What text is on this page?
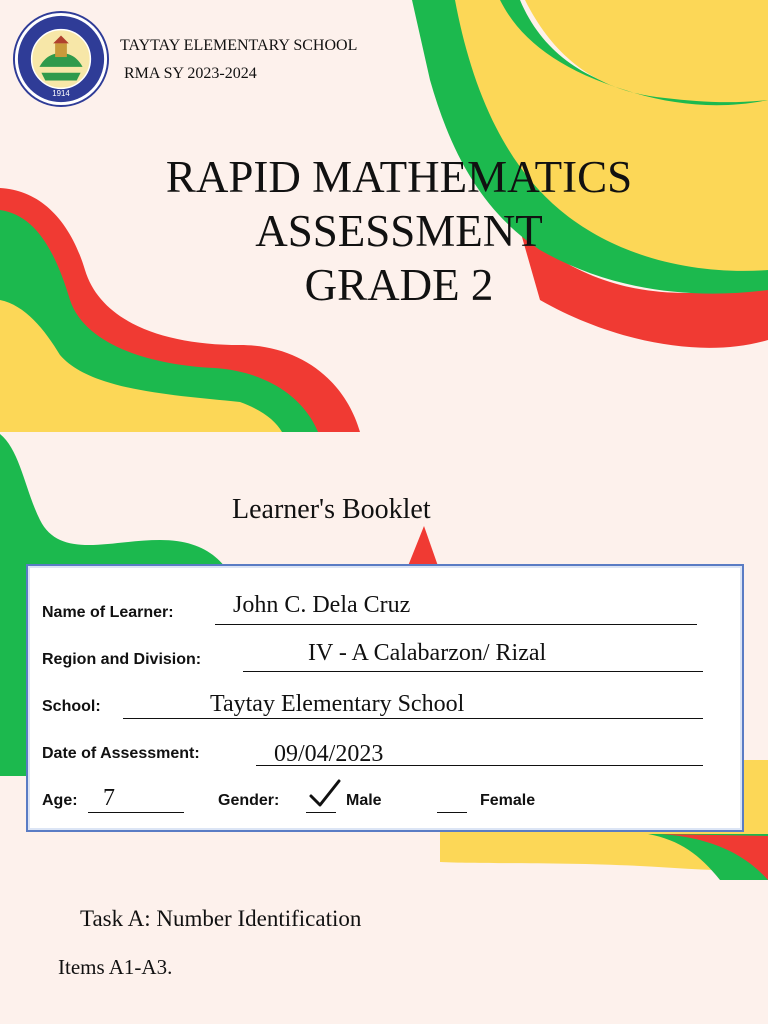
1914
TAYTAY ELEMENTARY SCHOOL
RMA SY 2023-2024
RAPID MATHEMATICS
ASSESSMENT
GRADE 2
Learner's Booklet
Name of Learner: John C. Dela Cruz
Region and Division:	IV - A Calabarzon/ Rizal
School:	Taytay Elementary School
Date of Assessment:	09/04/2023
Age: 7	Gender:	Male	Female
Task A: Number Identification
Items A1-A3.
